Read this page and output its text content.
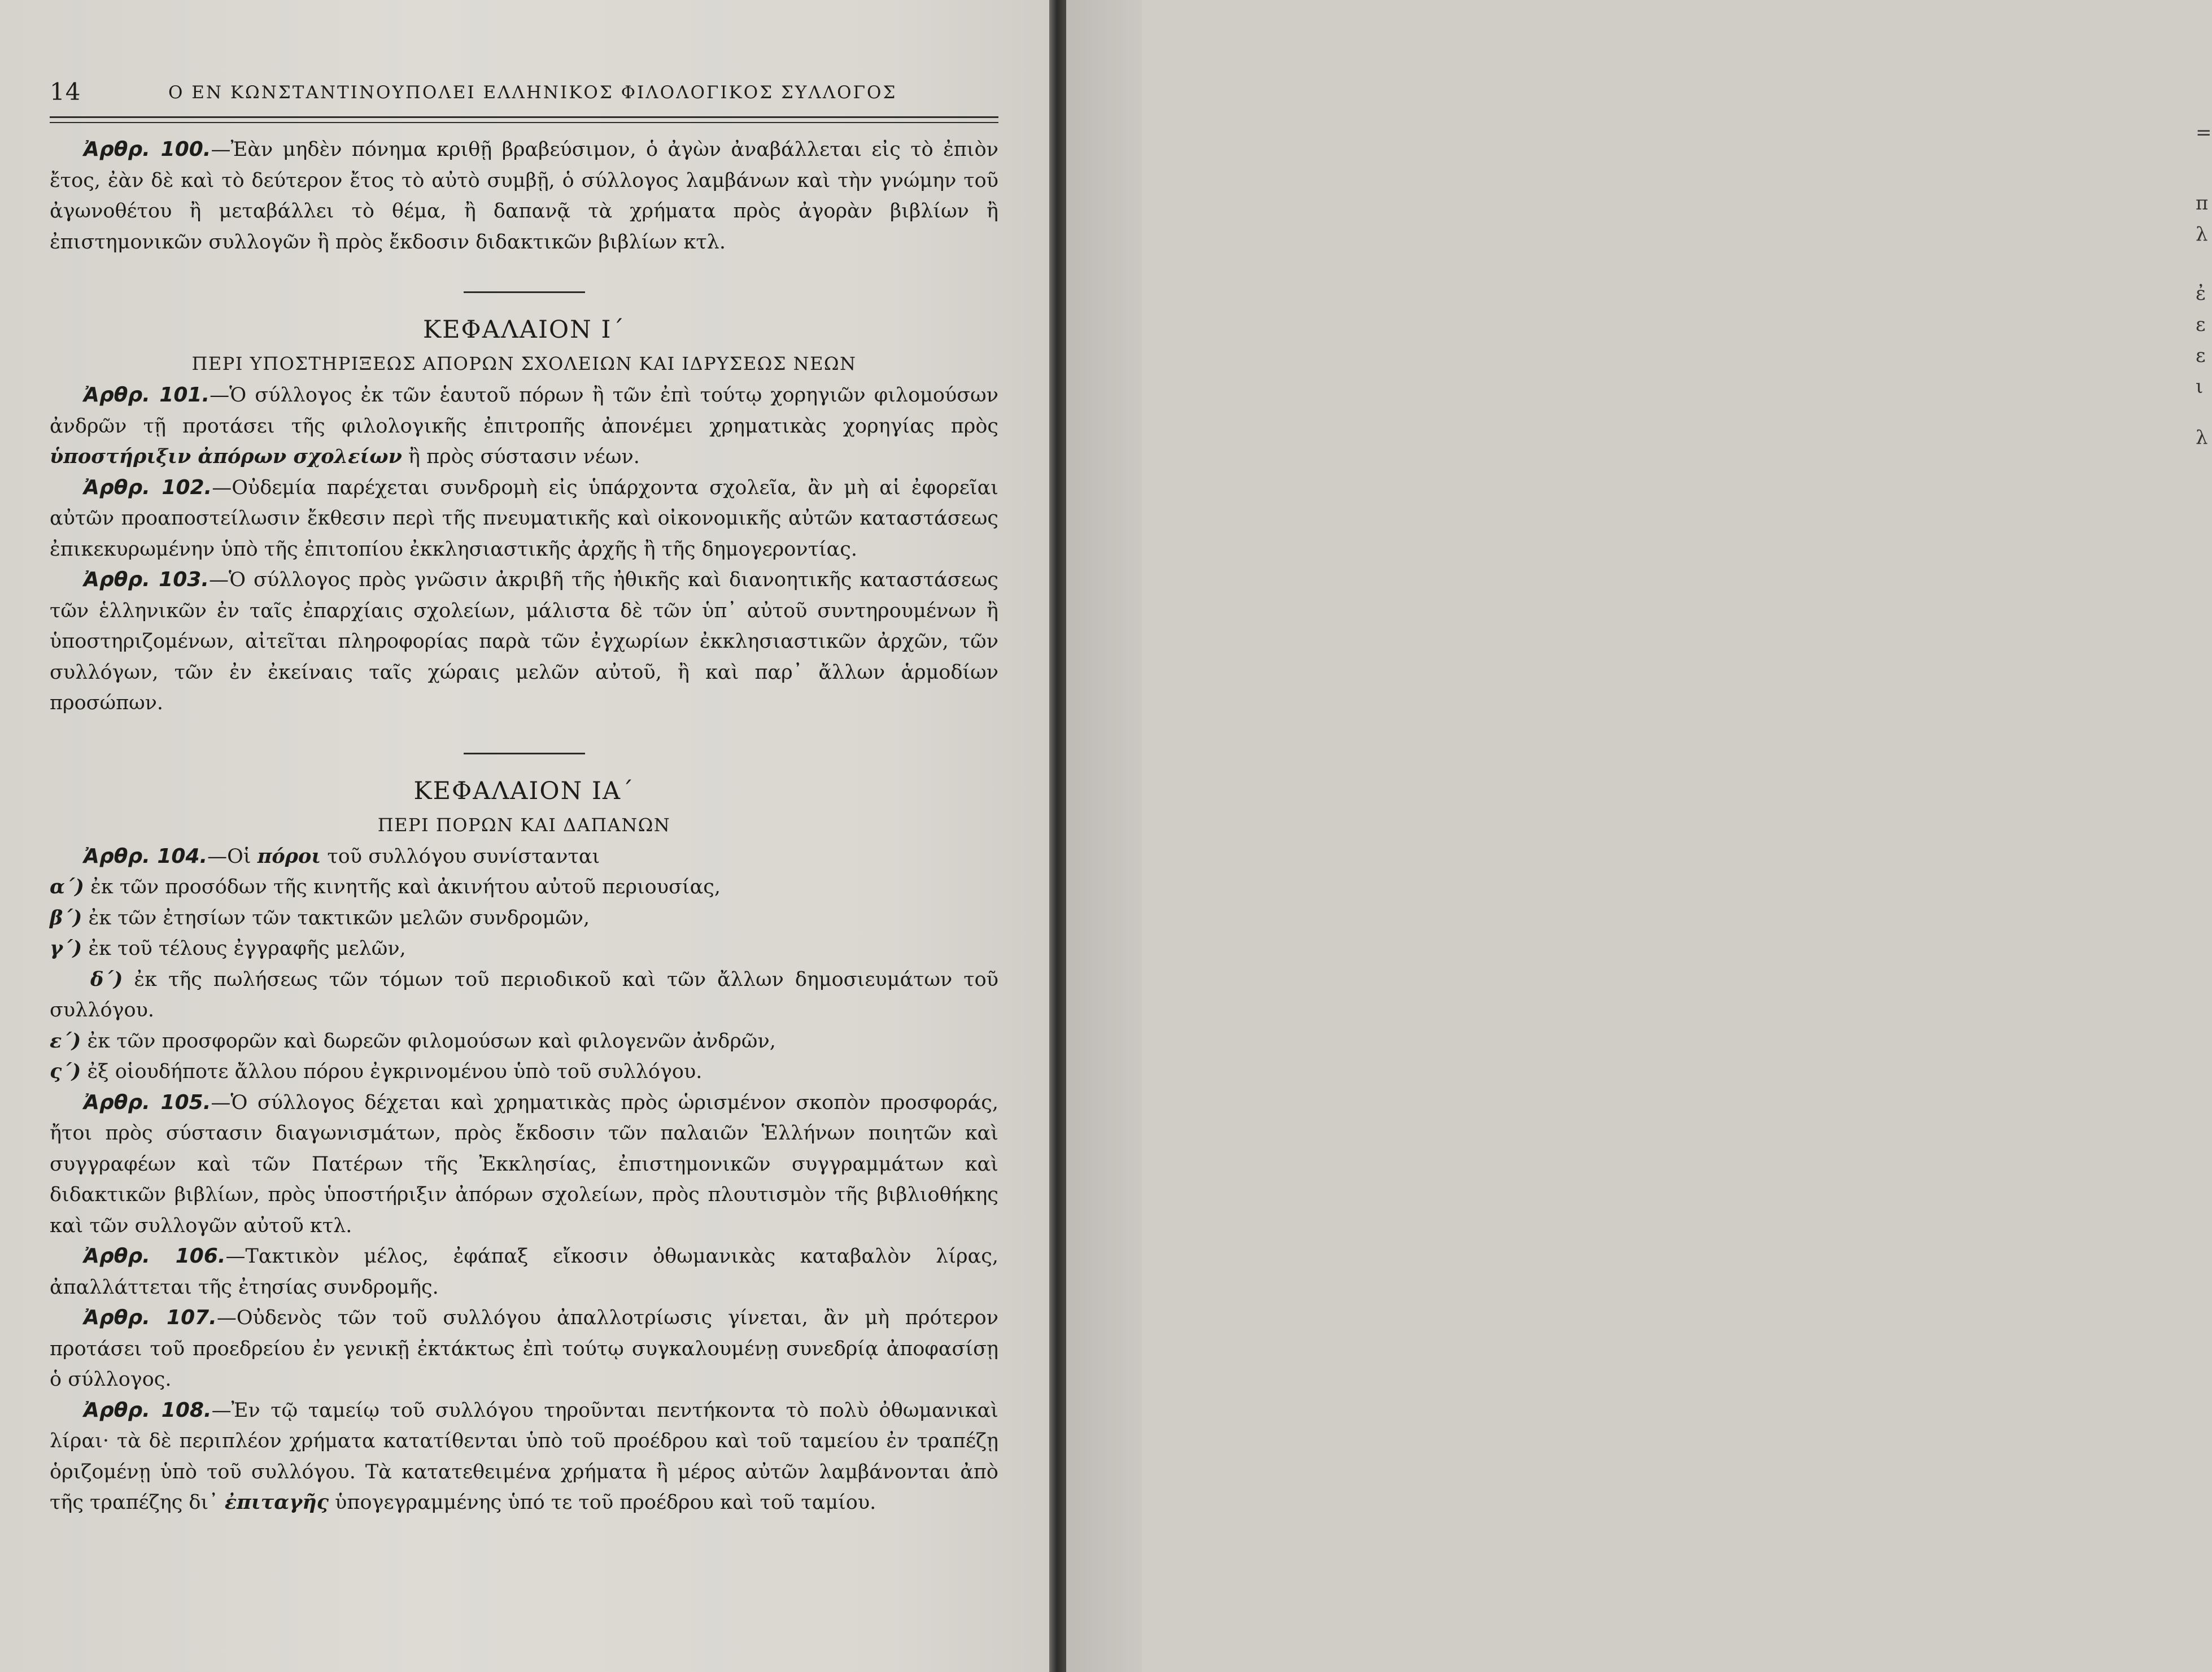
=
π
λ
ἐ
ε
ε
ι
λ
14	Ο ΕΝ ΚΩΝΣΤΑΝΤΙΝΟΥΠΟΛΕΙ ΕΛΛΗΝΙΚΟΣ ΦΙΛΟΛΟΓΙΚΟΣ ΣΥΛΛΟΓΟΣ

Ἀρθρ. 100.—Ἐὰν μηδὲν πόνημα κριθῇ βραβεύσιμον, ὁ ἀγὼν ἀναβάλλεται εἰς τὸ ἐπιὸν ἔτος, ἐὰν δὲ καὶ τὸ δεύτερον ἔτος τὸ αὐτὸ συμβῇ, ὁ σύλλογος λαμβάνων καὶ τὴν γνώμην τοῦ ἀγωνοθέτου ἢ μεταβάλλει τὸ θέμα, ἢ δαπανᾷ τὰ χρήματα πρὸς ἀγορὰν βιβλίων ἢ ἐπιστημονικῶν συλλογῶν ἢ πρὸς ἔκδοσιν διδακτικῶν βιβλίων κτλ.

ΚΕΦΑΛΑΙΟΝ Ι΄

ΠΕΡΙ ΥΠΟΣΤΗΡΙΞΕΩΣ ΑΠΟΡΩΝ ΣΧΟΛΕΙΩΝ ΚΑΙ ΙΔΡΥΣΕΩΣ ΝΕΩΝ

Ἀρθρ. 101.—Ὁ σύλλογος ἐκ τῶν ἑαυτοῦ πόρων ἢ τῶν ἐπὶ τούτῳ χορηγιῶν φιλομούσων ἀνδρῶν τῇ προτάσει τῆς φιλολογικῆς ἐπιτροπῆς ἀπονέμει χρηματικὰς χορηγίας πρὸς ὑποστήριξιν ἀπόρων σχολείων ἢ πρὸς σύστασιν νέων.

Ἀρθρ. 102.—Οὐδεμία παρέχεται συνδρομὴ εἰς ὑπάρχοντα σχολεῖα, ἂν μὴ αἱ ἐφορεῖαι αὐτῶν προαποστείλωσιν ἔκθεσιν περὶ τῆς πνευματικῆς καὶ οἰκονομικῆς αὐτῶν καταστάσεως ἐπικεκυρωμένην ὑπὸ τῆς ἐπιτοπίου ἐκκλησιαστικῆς ἀρχῆς ἢ τῆς δημογεροντίας.

Ἀρθρ. 103.—Ὁ σύλλογος πρὸς γνῶσιν ἀκριβῆ τῆς ἠθικῆς καὶ διανοητικῆς καταστάσεως τῶν ἑλληνικῶν ἐν ταῖς ἐπαρχίαις σχολείων, μάλιστα δὲ τῶν ὑπ᾽ αὐτοῦ συντηρουμένων ἢ ὑποστηριζομένων, αἰτεῖται πληροφορίας παρὰ τῶν ἐγχωρίων ἐκκλησιαστικῶν ἀρχῶν, τῶν συλλόγων, τῶν ἐν ἐκείναις ταῖς χώραις μελῶν αὐτοῦ, ἢ καὶ παρ᾽ ἄλλων ἁρμοδίων προσώπων.

ΚΕΦΑΛΑΙΟΝ ΙΑ΄

ΠΕΡΙ ΠΟΡΩΝ ΚΑΙ ΔΑΠΑΝΩΝ

Ἀρθρ. 104.—Οἱ πόροι τοῦ συλλόγου συνίστανται

α΄) ἐκ τῶν προσόδων τῆς κινητῆς καὶ ἀκινήτου αὐτοῦ περιουσίας,

β΄) ἐκ τῶν ἐτησίων τῶν τακτικῶν μελῶν συνδρομῶν,

γ΄) ἐκ τοῦ τέλους ἐγγραφῆς μελῶν,

δ΄) ἐκ τῆς πωλήσεως τῶν τόμων τοῦ περιοδικοῦ καὶ τῶν ἄλλων δημοσιευμάτων τοῦ συλλόγου.

ε΄) ἐκ τῶν προσφορῶν καὶ δωρεῶν φιλομούσων καὶ φιλογενῶν ἀνδρῶν,

ς΄) ἐξ οἱουδήποτε ἄλλου πόρου ἐγκρινομένου ὑπὸ τοῦ συλλόγου.

Ἀρθρ. 105.—Ὁ σύλλογος δέχεται καὶ χρηματικὰς πρὸς ὡρισμένον σκοπὸν προσφοράς, ἤτοι πρὸς σύστασιν διαγωνισμάτων, πρὸς ἔκδοσιν τῶν παλαιῶν Ἑλλήνων ποιητῶν καὶ συγγραφέων καὶ τῶν Πατέρων τῆς Ἐκκλησίας, ἐπιστημονικῶν συγγραμμάτων καὶ διδακτικῶν βιβλίων, πρὸς ὑποστήριξιν ἀπόρων σχολείων, πρὸς πλουτισμὸν τῆς βιβλιοθήκης καὶ τῶν συλλογῶν αὐτοῦ κτλ.

Ἀρθρ. 106.—Τακτικὸν μέλος, ἐφάπαξ εἴκοσιν ὀθωμανικὰς καταβαλὸν λίρας, ἀπαλλάττεται τῆς ἐτησίας συνδρομῆς.

Ἀρθρ. 107.—Οὐδενὸς τῶν τοῦ συλλόγου ἀπαλλοτρίωσις γίνεται, ἂν μὴ πρότερον προτάσει τοῦ προεδρείου ἐν γενικῇ ἐκτάκτως ἐπὶ τούτῳ συγκαλουμένῃ συνεδρίᾳ ἀποφασίσῃ ὁ σύλλογος.

Ἀρθρ. 108.—Ἐν τῷ ταμείῳ τοῦ συλλόγου τηροῦνται πεντήκοντα τὸ πολὺ ὀθωμανικαὶ λίραι· τὰ δὲ περιπλέον χρήματα κατατίθενται ὑπὸ τοῦ προέδρου καὶ τοῦ ταμείου ἐν τραπέζῃ ὁριζομένῃ ὑπὸ τοῦ συλλόγου. Τὰ κατατεθειμένα χρήματα ἢ μέρος αὐτῶν λαμβάνονται ἀπὸ τῆς τραπέζης δι᾽ ἐπιταγῆς ὑπογεγραμμένης ὑπό τε τοῦ προέδρου καὶ τοῦ ταμίου.
